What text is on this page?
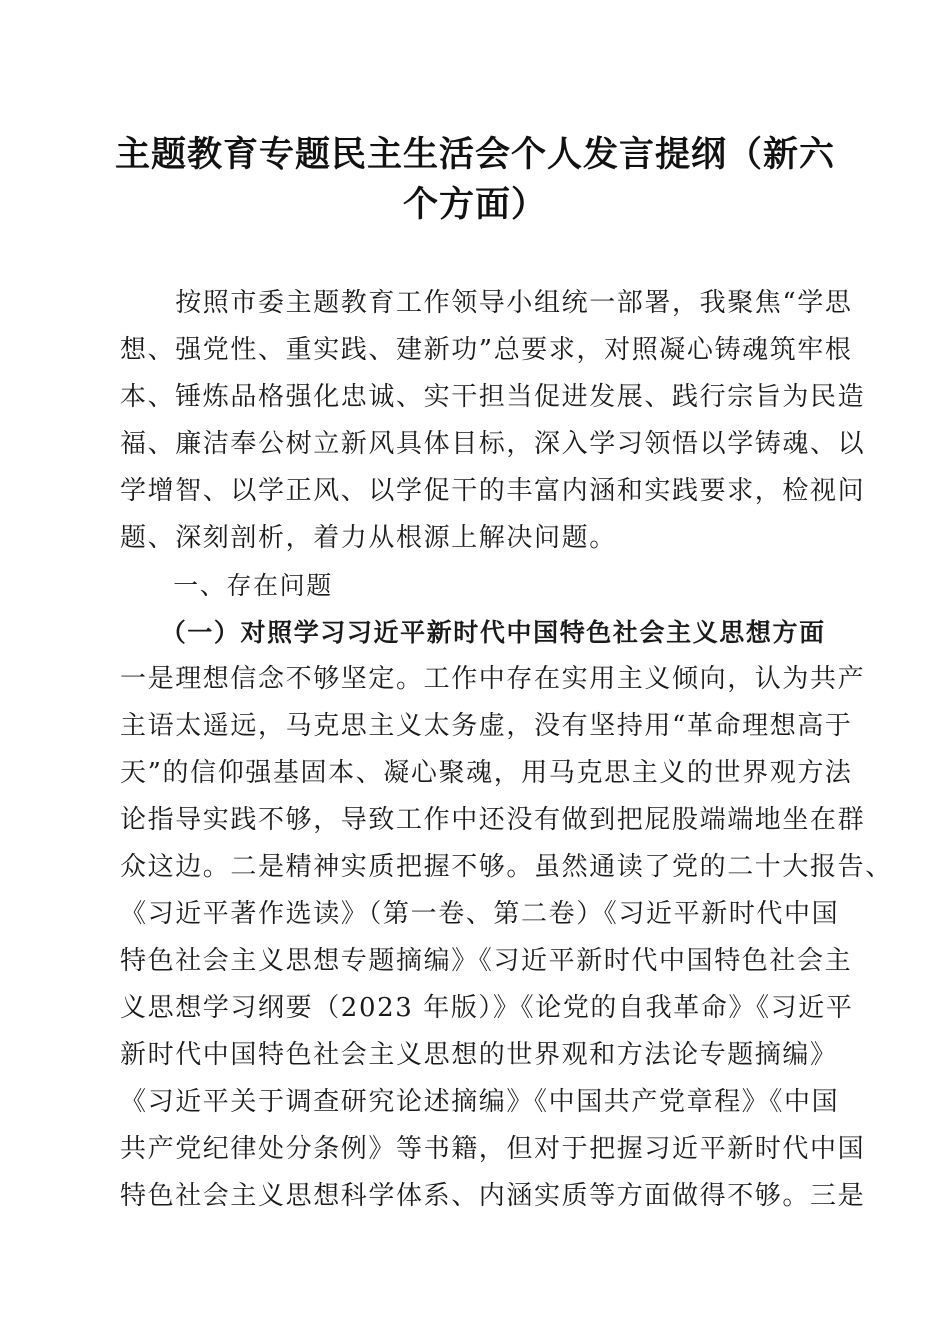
主题教育专题民主生活会个人发言提纲（新六
个方面）
　　按照市委主题教育工作领导小组统一部署，我聚焦“学思
想、强党性、重实践、建新功”总要求，对照凝心铸魂筑牢根
本、锤炼品格强化忠诚、实干担当促进发展、践行宗旨为民造
福、廉洁奉公树立新风具体目标，深入学习领悟以学铸魂、以
学增智、以学正风、以学促干的丰富内涵和实践要求，检视问
题、深刻剖析，着力从根源上解决问题。
　　一、存在问题
　　（一）对照学习习近平新时代中国特色社会主义思想方面
一是理想信念不够坚定。工作中存在实用主义倾向，认为共产
主语太遥远，马克思主义太务虚，没有坚持用“革命理想高于
天”的信仰强基固本、凝心聚魂，用马克思主义的世界观方法
论指导实践不够，导致工作中还没有做到把屁股端端地坐在群
众这边。二是精神实质把握不够。虽然通读了党的二十大报告、
《习近平著作选读》（第一卷、第二卷）《习近平新时代中国
特色社会主义思想专题摘编》《习近平新时代中国特色社会主
义思想学习纲要（2023 年版）》《论党的自我革命》《习近平
新时代中国特色社会主义思想的世界观和方法论专题摘编》
《习近平关于调查研究论述摘编》《中国共产党章程》《中国
共产党纪律处分条例》等书籍，但对于把握习近平新时代中国
特色社会主义思想科学体系、内涵实质等方面做得不够。三是
